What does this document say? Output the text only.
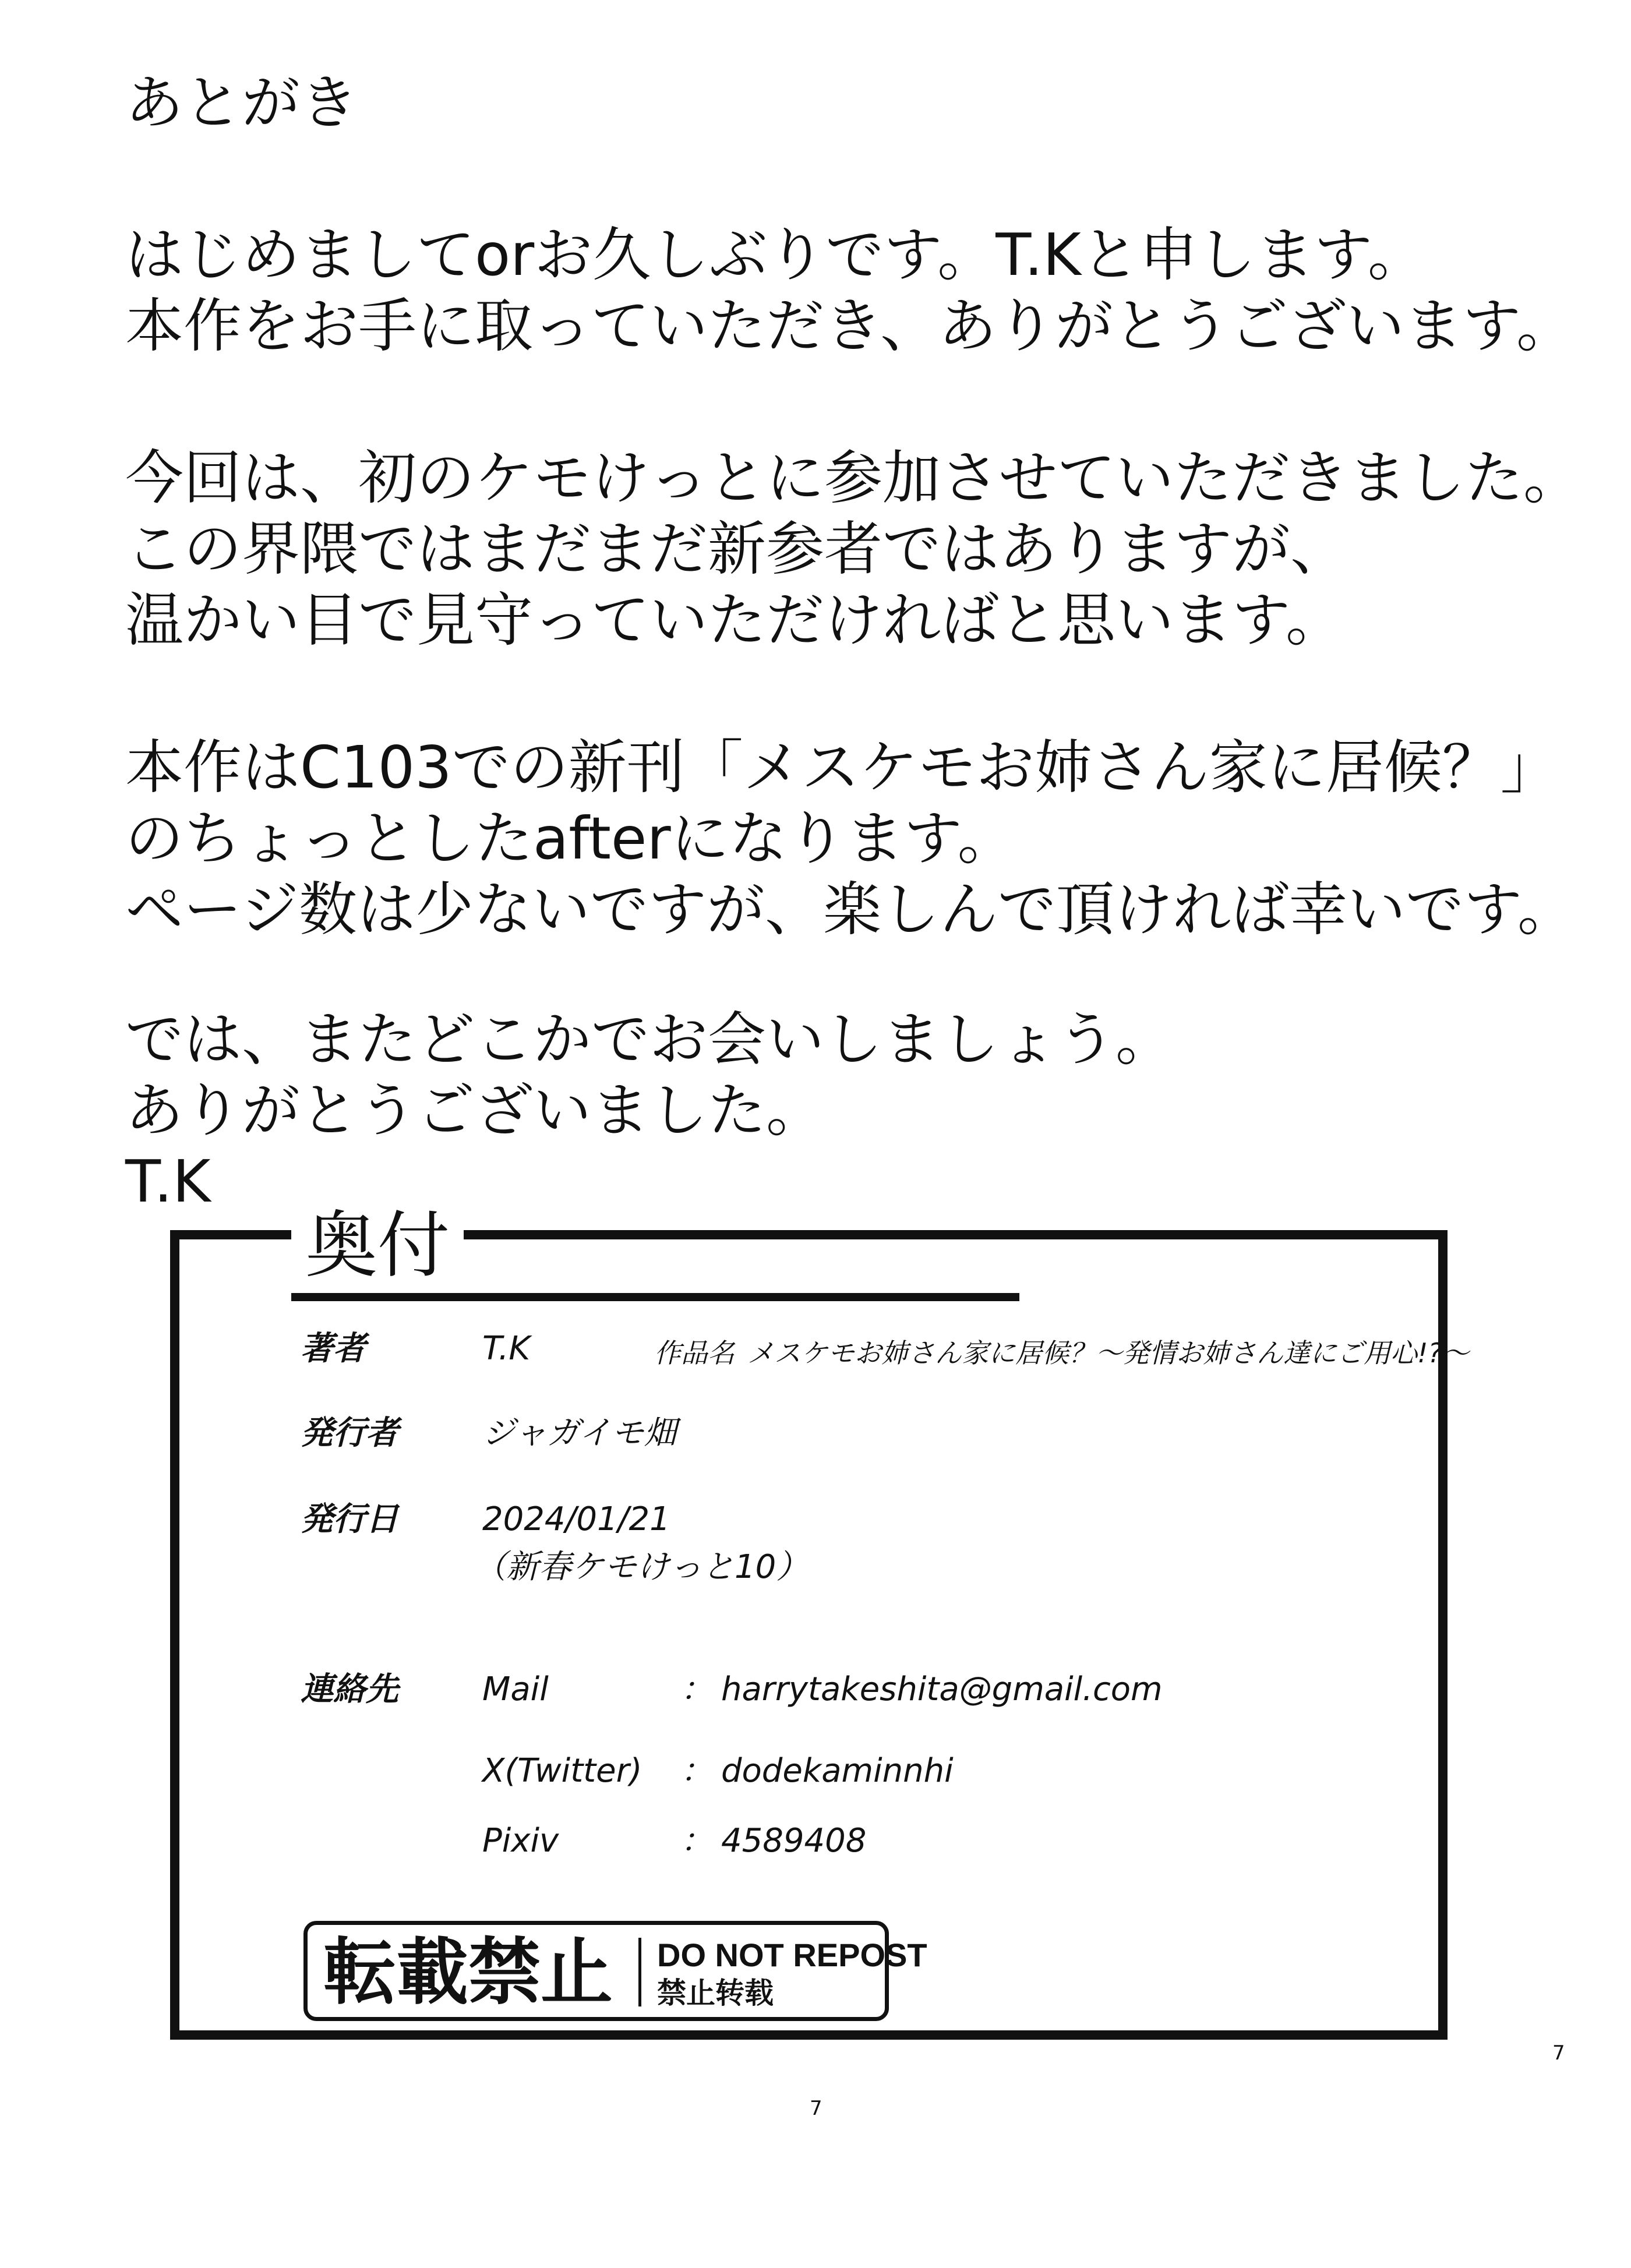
あとがき
はじめましてorお久しぶりです。T.Kと申します。
本作をお手に取っていただき、ありがとうございます。
今回は、初のケモけっとに参加させていただきました。
この界隈ではまだまだ新参者ではありますが、
温かい目で見守っていただければと思います。
本作はC103での新刊「メスケモお姉さん家に居候？」
のちょっとしたafterになります。
ページ数は少ないですが、楽しんで頂ければ幸いです。
では、またどこかでお会いしましょう。
ありがとうございました。
T.K
奥付
著者	T.K	作品名 メスケモお姉さん家に居候？～発情お姉さん達にご用心!?～
発行者	ジャガイモ畑
発行日	2024/01/21
（新春ケモけっと10）
連絡先	Mail	： harrytakeshita@gmail.com
X(Twitter) ： dodekaminnhi
Pixiv	： 4589408
転載禁止 DO NOT REPOST
禁止转载
7
7
